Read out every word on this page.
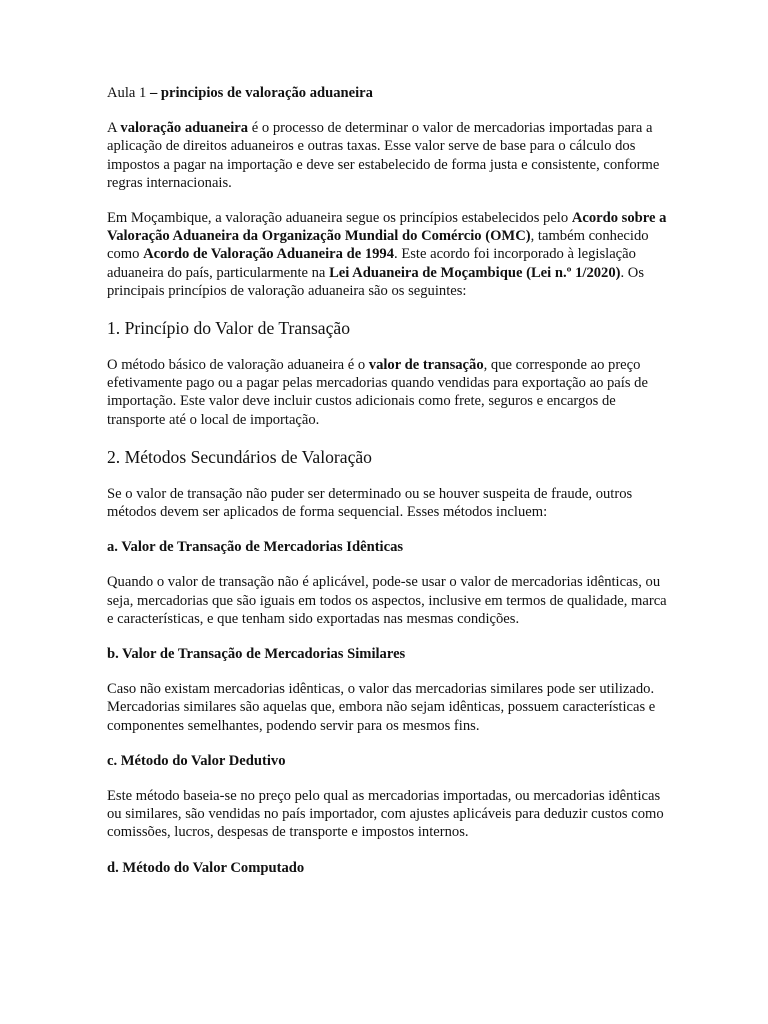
Aula 1 – principios de valoração aduaneira

A valoração aduaneira é o processo de determinar o valor de mercadorias importadas para a aplicação de direitos aduaneiros e outras taxas. Esse valor serve de base para o cálculo dos impostos a pagar na importação e deve ser estabelecido de forma justa e consistente, conforme regras internacionais.

Em Moçambique, a valoração aduaneira segue os princípios estabelecidos pelo Acordo sobre a Valoração Aduaneira da Organização Mundial do Comércio (OMC), também conhecido como Acordo de Valoração Aduaneira de 1994. Este acordo foi incorporado à legislação aduaneira do país, particularmente na Lei Aduaneira de Moçambique (Lei n.º 1/2020). Os principais princípios de valoração aduaneira são os seguintes:

1. Princípio do Valor de Transação

O método básico de valoração aduaneira é o valor de transação, que corresponde ao preço efetivamente pago ou a pagar pelas mercadorias quando vendidas para exportação ao país de importação. Este valor deve incluir custos adicionais como frete, seguros e encargos de transporte até o local de importação.

2. Métodos Secundários de Valoração

Se o valor de transação não puder ser determinado ou se houver suspeita de fraude, outros métodos devem ser aplicados de forma sequencial. Esses métodos incluem:

a. Valor de Transação de Mercadorias Idênticas

Quando o valor de transação não é aplicável, pode-se usar o valor de mercadorias idênticas, ou seja, mercadorias que são iguais em todos os aspectos, inclusive em termos de qualidade, marca e características, e que tenham sido exportadas nas mesmas condições.

b. Valor de Transação de Mercadorias Similares

Caso não existam mercadorias idênticas, o valor das mercadorias similares pode ser utilizado. Mercadorias similares são aquelas que, embora não sejam idênticas, possuem características e componentes semelhantes, podendo servir para os mesmos fins.

c. Método do Valor Dedutivo

Este método baseia-se no preço pelo qual as mercadorias importadas, ou mercadorias idênticas ou similares, são vendidas no país importador, com ajustes aplicáveis para deduzir custos como comissões, lucros, despesas de transporte e impostos internos.

d. Método do Valor Computado
